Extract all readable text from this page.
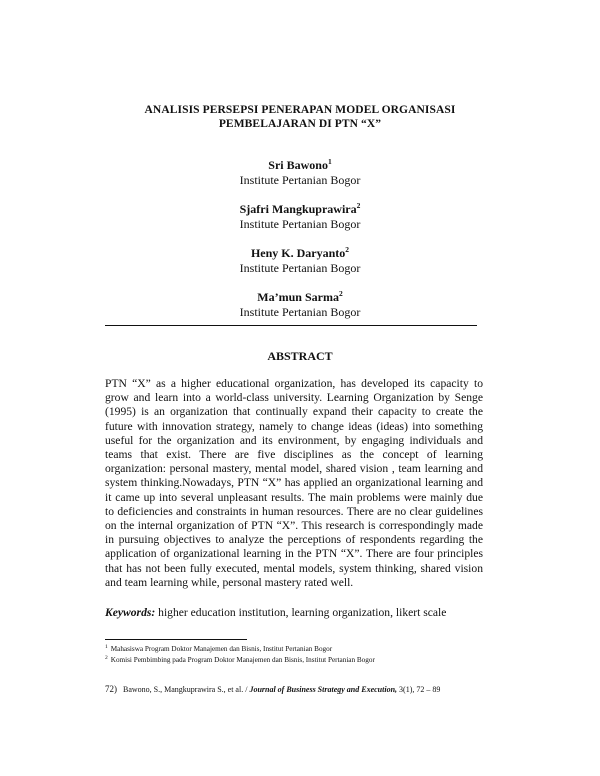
ANALISIS PERSEPSI PENERAPAN MODEL ORGANISASI
PEMBELAJARAN DI PTN “X”
Sri Bawono$^1$
Institute Pertanian Bogor
Sjafri Mangkuprawira$^2$
Institute Pertanian Bogor
Heny K. Daryanto$^2$
Institute Pertanian Bogor
Ma’mun Sarma$^2$
Institute Pertanian Bogor
ABSTRACT

PTN “X” as a higher educational organization, has developed its capacity to grow and learn into a world-class university. Learning Organization by Senge (1995) is an organization that continually expand their capacity to create the future with innovation strategy, namely to change ideas (ideas) into something useful for the organization and its environment, by engaging individuals and teams that exist. There are five disciplines as the concept of learning organization: personal mastery, mental model, shared vision , team learning and system thinking.Nowadays, PTN “X” has applied an organizational learning and it came up into several unpleasant results. The main problems were mainly due to deficiencies and constraints in human resources. There are no clear guidelines on the internal organization of PTN “X”. This research is correspondingly made in pursuing objectives to analyze the perceptions of respondents regarding the application of organizational learning in the PTN “X”. There are four principles that has not been fully executed, mental models, system thinking, shared vision and team learning while, personal mastery rated well.

Keywords: higher education institution, learning organization, likert scale
$^1$ Mahasiswa Program Doktor Manajemen dan Bisnis, Institut Pertanian Bogor
$^2$ Komisi Pembimbing pada Program Doktor Manajemen dan Bisnis, Institut Pertanian Bogor
72) Bawono, S., Mangkuprawira S., et al. / Journal of Business Strategy and Execution, 3(1), 72 – 89
